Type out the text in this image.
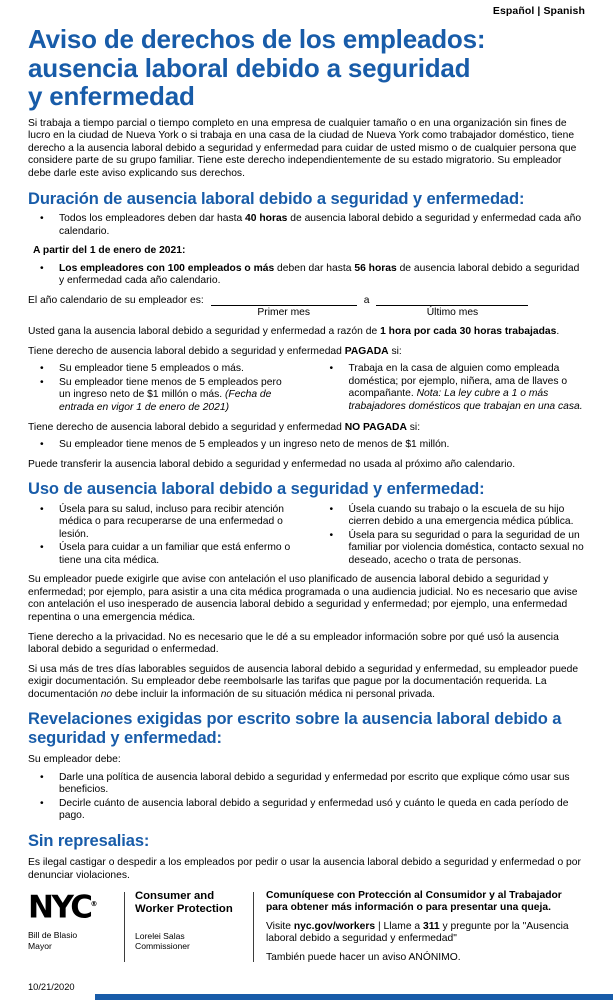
Español | Spanish
Aviso de derechos de los empleados:
ausencia laboral debido a seguridad
y enfermedad

Si trabaja a tiempo parcial o tiempo completo en una empresa de cualquier tamaño o en una organización sin fines de lucro en la ciudad de Nueva York o si trabaja en una casa de la ciudad de Nueva York como trabajador doméstico, tiene derecho a la ausencia laboral debido a seguridad y enfermedad para cuidar de usted mismo o de cualquier persona que considere parte de su grupo familiar. Tiene este derecho independientemente de su estado migratorio. Su empleador debe darle este aviso explicando sus derechos.

Duración de ausencia laboral debido a seguridad y enfermedad:
•	Todos los empleadores deben dar hasta 40 horas de ausencia laboral debido a seguridad y enfermedad cada año calendario.
A partir del 1 de enero de 2021:
•	Los empleadores con 100 empleados o más deben dar hasta 56 horas de ausencia laboral debido a seguridad y enfermedad cada año calendario.
El año calendario de su empleador es:
Primer mes
a
Último mes

Usted gana la ausencia laboral debido a seguridad y enfermedad a razón de 1 hora por cada 30 horas trabajadas.

Tiene derecho de ausencia laboral debido a seguridad y enfermedad PAGADA si:

•	Su empleador tiene 5 empleados o más.
•	Su empleador tiene menos de 5 empleados pero un ingreso neto de $1 millón o más. (Fecha de entrada en vigor 1 de enero de 2021)
•	Trabaja en la casa de alguien como empleada doméstica; por ejemplo, niñera, ama de llaves o acompañante. Nota: La ley cubre a 1 o más trabajadores domésticos que trabajan en una casa.

Tiene derecho de ausencia laboral debido a seguridad y enfermedad NO PAGADA si:

•	Su empleador tiene menos de 5 empleados y un ingreso neto de menos de $1 millón.

Puede transferir la ausencia laboral debido a seguridad y enfermedad no usada al próximo año calendario.

Uso de ausencia laboral debido a seguridad y enfermedad:
•	Úsela para su salud, incluso para recibir atención médica o para recuperarse de una enfermedad o lesión.
•	Úsela para cuidar a un familiar que está enfermo o tiene una cita médica.
•	Úsela cuando su trabajo o la escuela de su hijo cierren debido a una emergencia médica pública.
•	Úsela para su seguridad o para la seguridad de un familiar por violencia doméstica, contacto sexual no deseado, acecho o trata de personas.

Su empleador puede exigirle que avise con antelación el uso planificado de ausencia laboral debido a seguridad y enfermedad; por ejemplo, para asistir a una cita médica programada o una audiencia judicial. No es necesario que avise con antelación el uso inesperado de ausencia laboral debido a seguridad y enfermedad; por ejemplo, una enfermedad repentina o una emergencia médica.

Tiene derecho a la privacidad. No es necesario que le dé a su empleador información sobre por qué usó la ausencia laboral debido a seguridad o enfermedad.

Si usa más de tres días laborables seguidos de ausencia laboral debido a seguridad y enfermedad, su empleador puede exigir documentación. Su empleador debe reembolsarle las tarifas que pague por la documentación requerida. La documentación no debe incluir la información de su situación médica ni personal privada.

Revelaciones exigidas por escrito sobre la ausencia laboral debido a seguridad y enfermedad:

Su empleador debe:

•	Darle una política de ausencia laboral debido a seguridad y enfermedad por escrito que explique cómo usar sus beneficios.
•	Decirle cuánto de ausencia laboral debido a seguridad y enfermedad usó y cuánto le queda en cada período de pago.
Sin represalias:

Es ilegal castigar o despedir a los empleados por pedir o usar la ausencia laboral debido a seguridad y enfermedad o por denunciar violaciones.

NYC®
Bill de Blasio
Mayor
Consumer and Worker Protection
Lorelei Salas
Commissioner
Comuníquese con Protección al Consumidor y al Trabajador para obtener más información o para presentar una queja.
Visite nyc.gov/workers | Llame a 311 y pregunte por la "Ausencia laboral debido a seguridad y enfermedad"
También puede hacer un aviso ANÓNIMO.
10/21/2020
